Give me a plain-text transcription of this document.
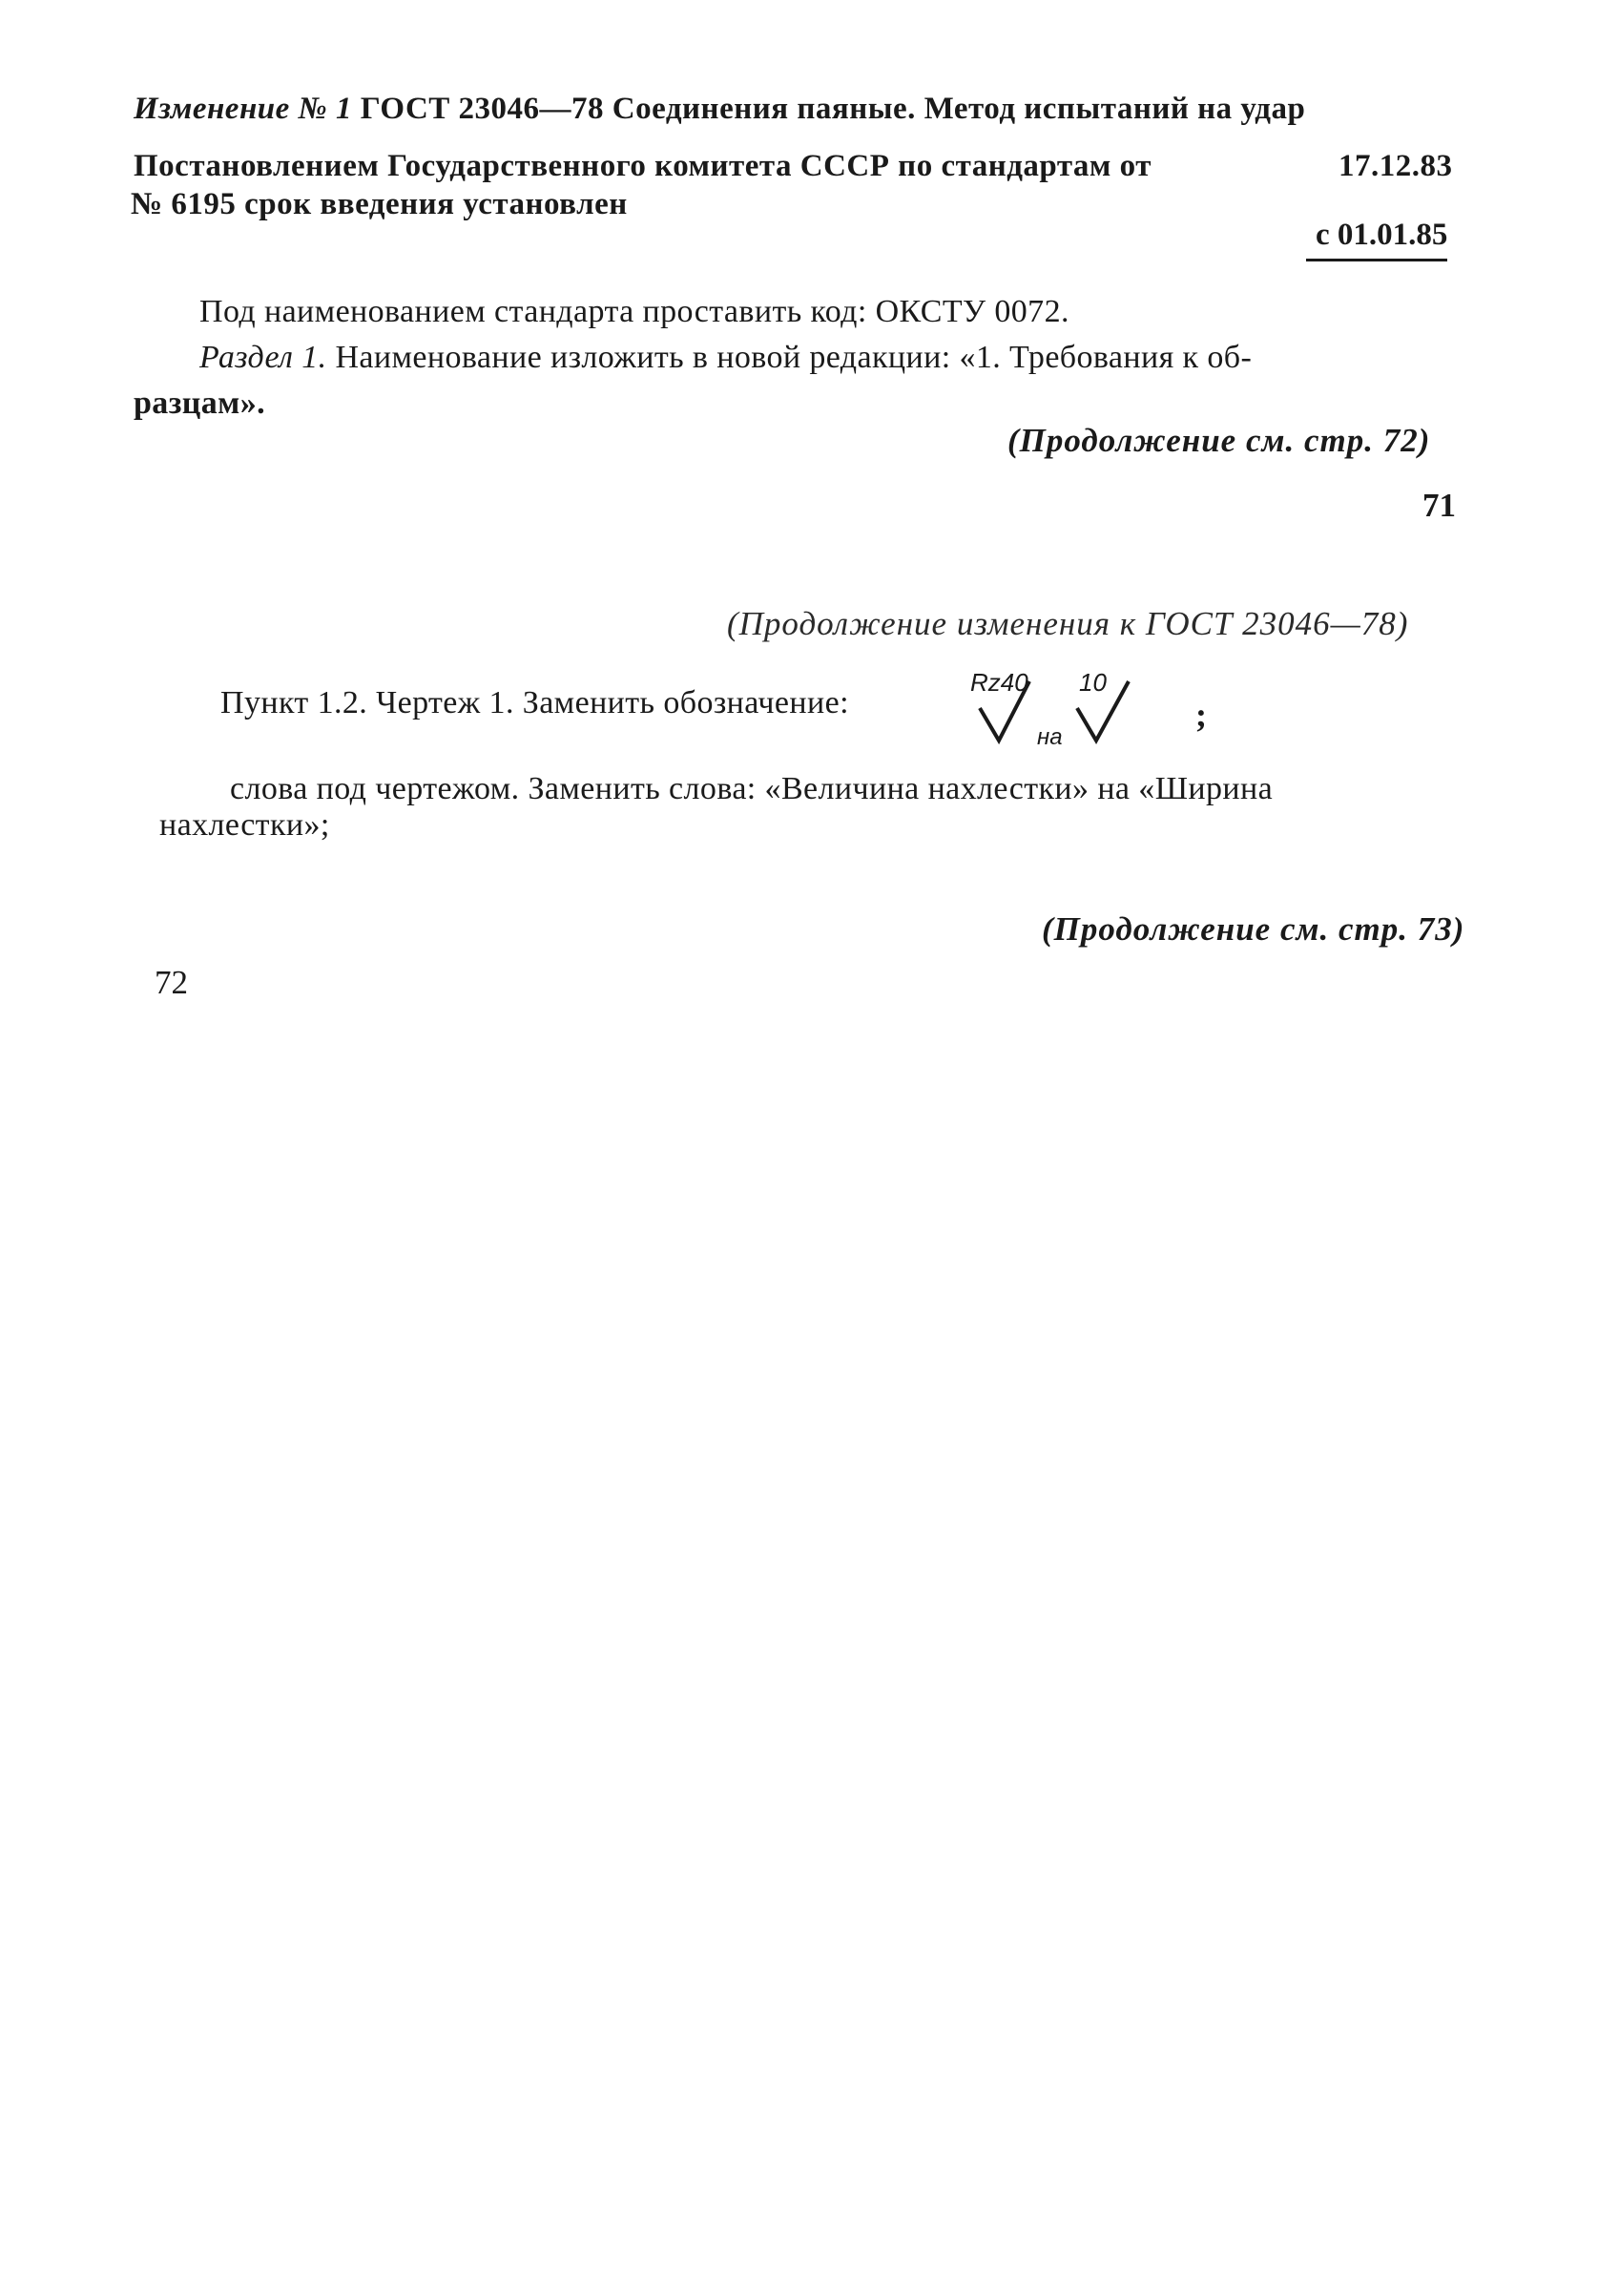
Изменение № 1 ГОСТ 23046—78 Соединения паяные. Метод испытаний на удар
Постановлением Государственного комитета СССР по стандартам от	17.12.83
№ 6195 срок введения установлен
с 01.01.85
Под наименованием стандарта проставить код: ОКСТУ 0072.
Раздел 1. Наименование изложить в новой редакции: «1. Требования к об-
разцам».
(Продолжение см. стр. 72)
71
(Продолжение изменения к ГОСТ 23046—78)
Пункт 1.2. Чертеж 1. Заменить обозначение:
Rz40
на
10
;
слова под чертежом. Заменить слова: «Величина нахлестки» на «Ширина
нахлестки»;
(Продолжение см. стр. 73)
72
